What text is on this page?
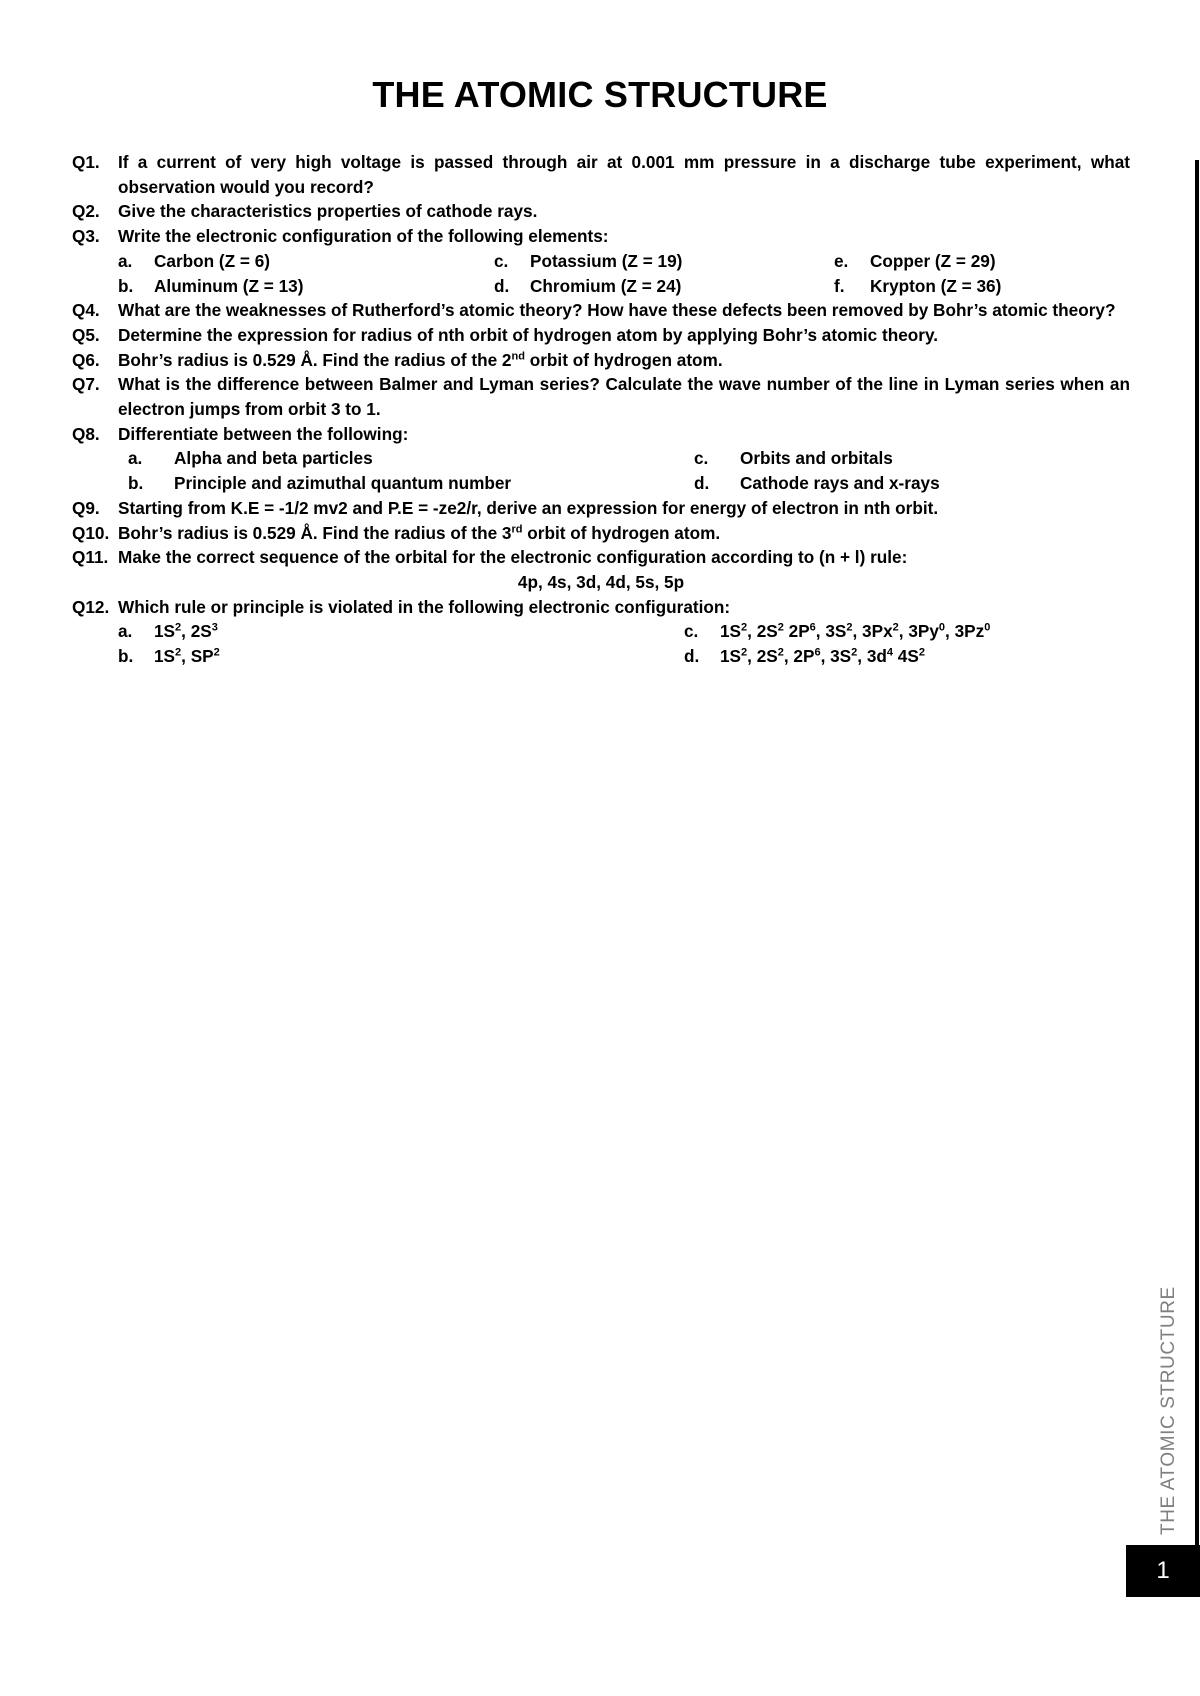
THE ATOMIC STRUCTURE
Q1.	If a current of very high voltage is passed through air at 0.001 mm pressure in a discharge tube experiment, what observation would you record?
Q2.	Give the characteristics properties of cathode rays.
Q3.	Write the electronic configuration of the following elements:
a.	Carbon (Z = 6)	c.	Potassium (Z = 19)	e.	Copper (Z = 29)
b.	Aluminum (Z = 13)	d.	Chromium (Z = 24)	f.	Krypton (Z = 36)
Q4.	What are the weaknesses of Rutherford’s atomic theory? How have these defects been removed by Bohr’s atomic theory?
Q5.	Determine the expression for radius of nth orbit of hydrogen atom by applying Bohr’s atomic theory.
Q6.	Bohr’s radius is 0.529 Å. Find the radius of the 2nd orbit of hydrogen atom.
Q7.	What is the difference between Balmer and Lyman series? Calculate the wave number of the line in Lyman series when an electron jumps from orbit 3 to 1.
Q8.	Differentiate between the following:
a.	Alpha and beta particles	c.	Orbits and orbitals
b.	Principle and azimuthal quantum number	d.	Cathode rays and x-rays
Q9.	Starting from K.E = -1/2 mv2 and P.E = -ze2/r, derive an expression for energy of electron in nth orbit.
Q10. Bohr’s radius is 0.529 Å. Find the radius of the 3rd orbit of hydrogen atom.
Q11. Make the correct sequence of the orbital for the electronic configuration according to (n + l) rule:
4p, 4s, 3d, 4d, 5s, 5p
Q12. Which rule or principle is violated in the following electronic configuration:
a.	$1S^2$, $2S^3$	c.	$1S^2$, $2S^2$ $2P^6$, $3S^2$, 3Px$^2$, 3Py$^0$, 3Pz$^0$
b.	$1S^2$, $SP^2$	d.	$1S^2$, $2S^2$, $2P^6$, $3S^2$, $3d^4$ $4S^2$
THE ATOMIC STRUCTURE
1
